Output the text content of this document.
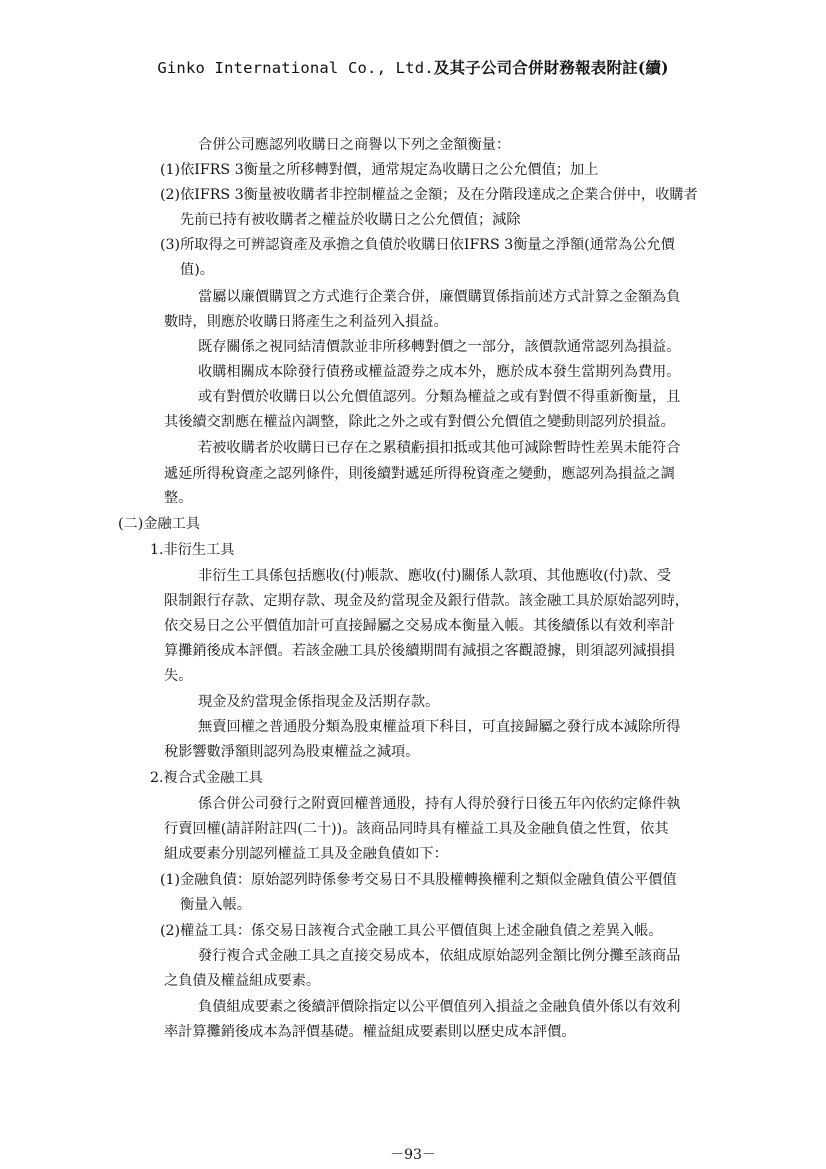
Ginko International Co., Ltd.及其子公司合併財務報表附註(續)
合併公司應認列收購日之商譽以下列之金額衡量：
(1)依IFRS 3衡量之所移轉對價，通常規定為收購日之公允價值；加上
(2)依IFRS 3衡量被收購者非控制權益之金額；及在分階段達成之企業合併中，收購者
先前已持有被收購者之權益於收購日之公允價值；減除
(3)所取得之可辨認資產及承擔之負債於收購日依IFRS 3衡量之淨額(通常為公允價
值)。
當屬以廉價購買之方式進行企業合併，廉價購買係指前述方式計算之金額為負
數時，則應於收購日將產生之利益列入損益。
既存關係之視同結清價款並非所移轉對價之一部分，該價款通常認列為損益。
收購相關成本除發行債務或權益證券之成本外，應於成本發生當期列為費用。
或有對價於收購日以公允價值認列。分類為權益之或有對價不得重新衡量，且
其後續交割應在權益內調整，除此之外之或有對價公允價值之變動則認列於損益。
若被收購者於收購日已存在之累積虧損扣抵或其他可減除暫時性差異未能符合
遞延所得稅資產之認列條件，則後續對遞延所得稅資產之變動，應認列為損益之調
整。
(二)金融工具
1.非衍生工具
非衍生工具係包括應收(付)帳款、應收(付)關係人款項、其他應收(付)款、受
限制銀行存款、定期存款、現金及約當現金及銀行借款。該金融工具於原始認列時，
依交易日之公平價值加計可直接歸屬之交易成本衡量入帳。其後續係以有效利率計
算攤銷後成本評價。若該金融工具於後續期間有減損之客觀證據，則須認列減損損
失。
現金及約當現金係指現金及活期存款。
無賣回權之普通股分類為股東權益項下科目，可直接歸屬之發行成本減除所得
稅影響數淨額則認列為股東權益之減項。
2.複合式金融工具
係合併公司發行之附賣回權普通股，持有人得於發行日後五年內依約定條件執
行賣回權(請詳附註四(二十))。該商品同時具有權益工具及金融負債之性質，依其
組成要素分別認列權益工具及金融負債如下：
(1)金融負債：原始認列時係參考交易日不具股權轉換權利之類似金融負債公平價值
衡量入帳。
(2)權益工具：係交易日該複合式金融工具公平價值與上述金融負債之差異入帳。
發行複合式金融工具之直接交易成本，依組成原始認列金額比例分攤至該商品
之負債及權益組成要素。
負債組成要素之後續評價除指定以公平價值列入損益之金融負債外係以有效利
率計算攤銷後成本為評價基礎。權益組成要素則以歷史成本評價。
－93－
